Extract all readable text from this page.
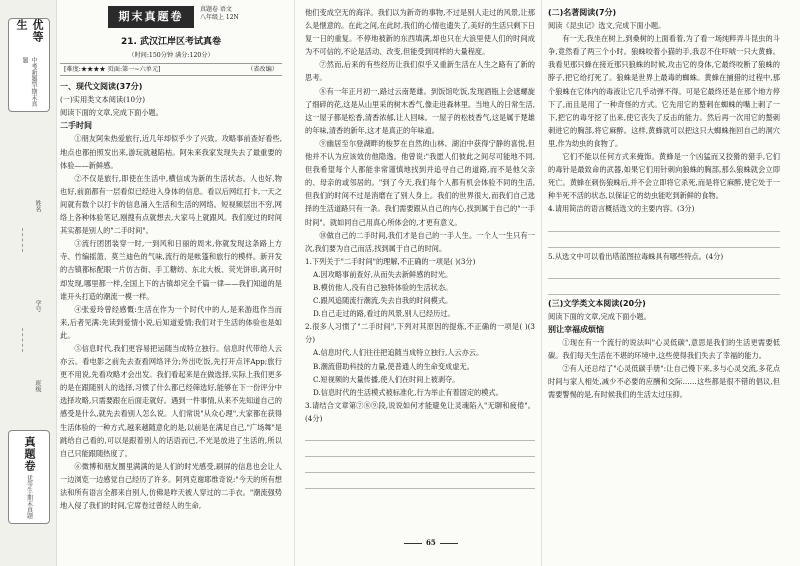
优等生
中考新题型·期末真题
姓名
学号
班级
真题卷
优等生·期末真题
期末真题卷
真题卷 语文
八年级上 12N
21. 武汉江岸区考试真卷
（时间:150分钟 满分:120分）
[难度:★★★★ 页面:第一~六单元]	（省改编）

一、现代文阅读(37分)

(一)实用类文本阅读(10分)

阅读下面的文章,完成下面小题。

二手时间

①朋友阿朱热爱旅行,近几年却似乎少了兴致。攻略事前查好看些,地点也都拍照发出来,游玩就越陷枯。阿朱来我家发现失去了最重要的体验——新鲜感。

②不仅是旅行,即使在生活中,横信成为新的生活状态。人也好,物也好,前面都有一层看似已经进入身体的信息。看以后网红打卡,一天之间就有数个以打卡的信息涌入生活和生活的网络。短视频层出不穷,网络上各种体验笔记,刚搜有点就想去,大家马上就跟风。我们度过的时间其实都是别人的"二手时间"。

③流行团团装穿一时,一到风和日丽的周末,你就发现这条路上方寺、竹编摇篮、莫兰迪色的气味,流行的是帐篷和旅行的模样。新开发的古镇都标配眼一片仿古街、手工糖纺、东北大板、荧光饼串,离开时却发现,哪里都一样,全国上下的古镇却完全千篇一律——我们知道的是谁开头打造的潮流一模一样。

④张爱玲曾经感慨:生活在作为一个时代中的人,是来游逛作当而来,后者见满:先读到爱情小说,后知道爱情;我们对于生活的体验也是如此。

⑤信息时代,我们更容易把运随当成特立独行。信息时代带给人云亦云。看电影之前先去查看网络评分;外出吃饭,先打开点评App;旅行更不用说,先看攻略才会出发。我们看起来是在做选择,实际上我们更多的是在跟随别人的选择,习惯了什么都已经筛选好,能够在下一份评分中选择攻略,只需要跟在后面走就好。遇到一件事情,从来不先知道自己的感受是什么,就先去看别人怎么说。人们常说"从众心理",大家都在获得生活体验的一种方式,越来越随意化的是,以前是在满足自己,"广场舞"是跳给自己看的,可以是跟着别人的话语而已,不光是放进了生活的,所以自己只能跟随热度了。

⑥微博和朋友圈里满满的是人们的时光感受,刷屏的信息也会让人一边浏览一边感觉自己经历了许多。阿列克谢耶维奇说:"今天的所有想法和所有语言全都来自别人,仿佛是昨天被人穿过的二手衣。"潮流强势地入侵了我们的时间,它席卷过曾经人的生命,

他们变成空无的海洋。我们以为新奇的事物,不过是别人走过的风景,让那么是惬意的。在此之间,在此时,我们的心情也遗失了,美好的生活只剩下日复一日的重复。不停地被新的东西填满,却也只在大浪里使人们的时间成为不可信的,不论是活动、改变,但能受到同样的大量程度。

⑦然而,后来的有些经历让我们似乎又重新生活在人生之路有了新的思考。

⑧有一年正月初一,路过云南楚雄。到饭馆吃饭,发现酒瓶上会遮螺旋了细碎的花,这是从山里采的树木香气,像走进森林里。当地人的日常生活,这一屋子都是松香,清香浓郁,让人回味。一屋子的松枝香气,这是属于楚雄的年味,清香的新年,这才是真正的年味道。

⑨幽居至尔登湖畔的梭罗在自然的山林、湖泊中获得宁静的喜悦,但他并不认为应该效仿他隐逸。他曾说:"我愿人们彼此之间尽可能地不同,但我希望每个人都能非常谨慎地找到并追寻自己的道路,而不是他父亲的、母亲的或邻居的。"到了今天,我们每个人都有机会体验不同的生活,但我们的时间不过是消磨在了别人身上。我们的世界很大,而我们自己选择的生活道路只有一条。我们需要跟从自己的内心,找到属于自己的"一手时间"。就如同自己用真心所体会的,才更有意义。

⑩做自己的二手时间,我们才是自己的一手人生。一个人一生只有一次,我们要为自己而活,找到属于自己的时间。

1.下列关于"二手时间"的理解,不正确的一项是( )(3分)

A.因攻略事前查好,从而失去新鲜感的时光。

B.模仿他人,没有自己独特体验的生活状态。

C.跟风追随流行潮流,失去自我的时间模式。

D.自己走过的路,看过的风景,别人已经历过。

2.很多人习惯了"二手时间",下列对其原因的提炼,不正确的一项是( )(3分)

A.信息时代,人们往往把追随当成特立独行,人云亦云。

B.潮流借助科技的力量,使普通人的生命变成虚无。

C.短视频的大量传播,使人们在时间上被剥夺。

D.信息时代的生活模式被标准化,行为举止有着固定的模式。

3.请结合文章第⑦⑧⑨段,说说如何才能避免让灵魂陷入"无聊和疲倦"。(4分)

65

(二)名著阅读(7分)

阅读《昆虫记》选文,完成下面小题。

有一天,我坐在树上,到桑树的上面看着,为了看一场纯粹弄斗昆虫的斗争,竟然看了两三个小时。狼蛛咬着小猫的手,我忍不住吓唬一只大黄蜂。我看见那只蜂在接近那只狼蛛的时候,攻击它的身体,它最终咬断了狼蛛的脖子,把它给打死了。狼蛛是世界上最毒的蜘蛛。黄蜂在捕猎的过程中,那个狼蛛在它体内的毒液让它几乎动弹不得。可是它最终还是在那个地方停下了,而且是用了一种奇怪的方式。它先用它的螯刺在蜘蛛的嘴上刺了一下,把它的毒牙挖了出来,使它丧失了反击的能力。然后再一次用它的螯刺刺进它的胸部,将它麻醉。这样,黄蜂就可以把这只大蜘蛛拖回自己的洞穴里,作为幼虫的食物了。

它们不能以任何方式来掩饰。黄蜂是一个凶猛而又狡猾的猎手,它们的毒针是最致命的武器,如果它们用针刺向狼蛛的胸部,那么狼蛛就会立即死亡。黄蜂在刺伤狼蛛后,并不会立即将它杀死,而是将它麻醉,使它处于一种半死不活的状态,以保证它的幼虫能吃到新鲜的食物。

4.请用简洁的语言概括选文的主要内容。(3分)

5.从选文中可以看出塔蓝图拉毒蛛具有哪些特点。(4分)

(三)文学类文本阅读(20分)

阅读下面的文章,完成下面小题。

别让幸福成烦恼

①现在有一个流行的说法叫"心灵低碳",意思是我们的生活更需要低碳。我们每天生活在不堪的环境中,这些使得我们失去了幸福的能力。

②有人还总结了"心灵低碳手册":让自己慢下来,多与心灵交流,多花点时间与家人相处,减少不必要的应酬和交际……这些都是很不错的倡议,但需要警惕的是,有时候我们的生活太过压抑。
